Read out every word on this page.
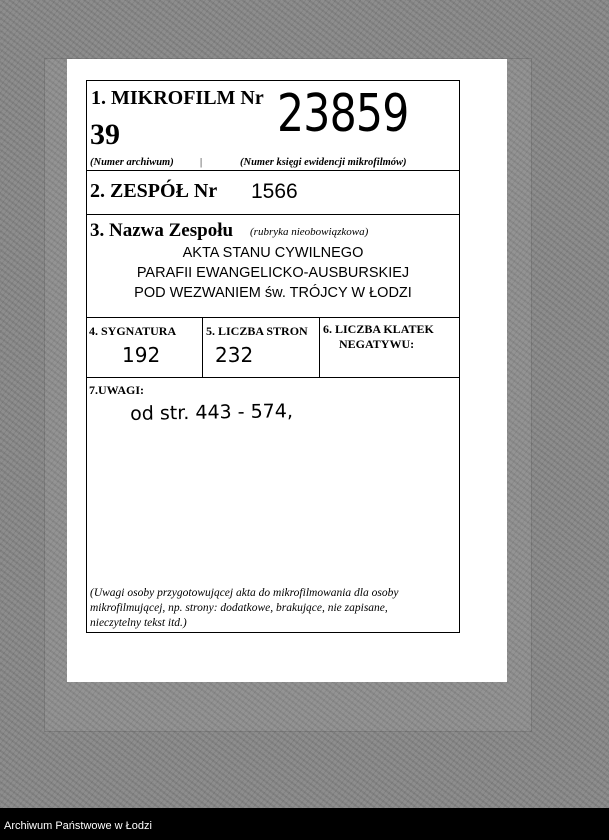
1. MIKROFILM Nr 23859
39
(Numer archiwum)	|	(Numer księgi ewidencji mikrofilmów)
2. ZESPÓŁ Nr 1566
3. Nazwa Zespołu (rubryka nieobowiązkowa)
AKTA STANU CYWILNEGO
PARAFII EWANGELICKO-AUSBURSKIEJ
POD WEZWANIEM św. TRÓJCY W ŁODZI
4. SYGNATURA
192
5. LICZBA STRON
232
6. LICZBA KLATEK
NEGATYWU:
7.UWAGI:
od str. 443 - 574,
(Uwagi osoby przygotowującej akta do mikrofilmowania dla osoby
mikrofilmującej, np. strony: dodatkowe, brakujące, nie zapisane,
nieczytelny tekst itd.)
Archiwum Państwowe w Łodzi
